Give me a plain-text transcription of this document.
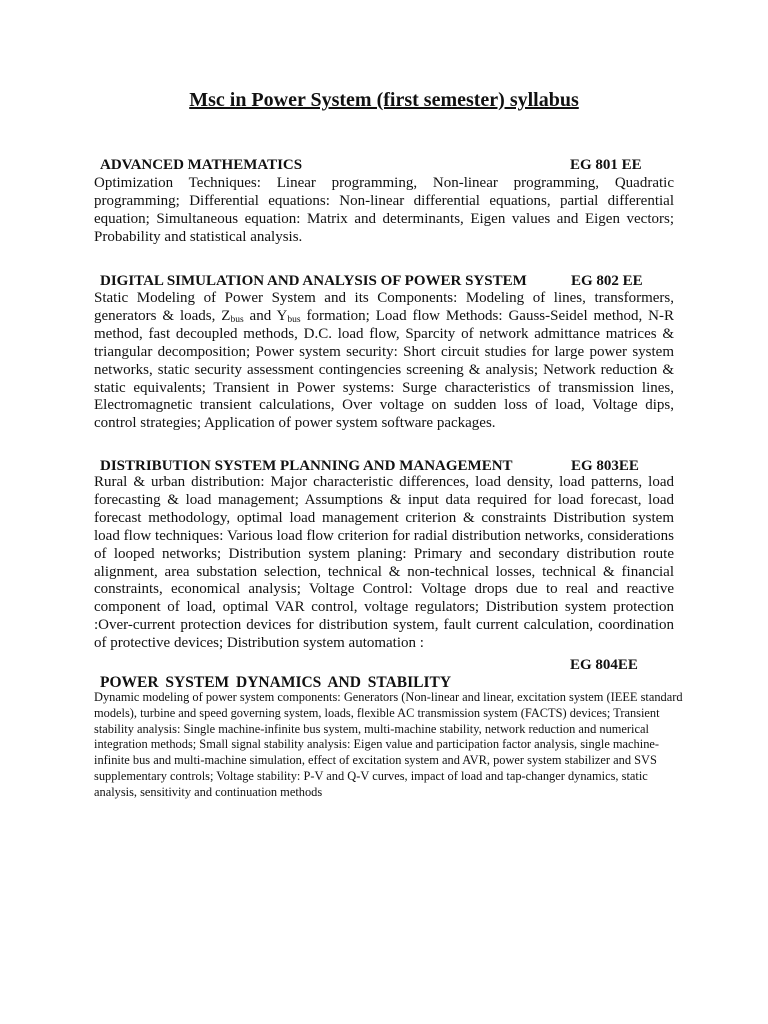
Msc in Power System (first semester) syllabus
ADVANCED MATHEMATICS	EG 801 EE

Optimization Techniques: Linear programming, Non-linear programming, Quadratic programming; Differential equations: Non-linear differential equations, partial differential equation; Simultaneous equation: Matrix and determinants, Eigen values and Eigen vectors; Probability and statistical analysis.

DIGITAL SIMULATION AND ANALYSIS OF POWER SYSTEM	EG 802 EE

Static Modeling of Power System and its Components: Modeling of lines, transformers, generators & loads, $Z_{bus}$ and $Y_{bus}$ formation; Load flow Methods: Gauss-Seidel method, N-R method, fast decoupled methods, D.C. load flow, Sparcity of network admittance matrices & triangular decomposition; Power system security: Short circuit studies for large power system networks, static security assessment contingencies screening & analysis; Network reduction & static equivalents; Transient in Power systems: Surge characteristics of transmission lines, Electromagnetic transient calculations, Over voltage on sudden loss of load, Voltage dips, control strategies; Application of power system software packages.

DISTRIBUTION SYSTEM PLANNING AND MANAGEMENT	EG 803EE

Rural & urban distribution: Major characteristic differences, load density, load patterns, load forecasting & load management; Assumptions & input data required for load forecast, load forecast methodology, optimal load management criterion & constraints Distribution system load flow techniques: Various load flow criterion for radial distribution networks, considerations of looped networks; Distribution system planing: Primary and secondary distribution route alignment, area substation selection, technical & non-technical losses, technical & financial constraints, economical analysis; Voltage Control: Voltage drops due to real and reactive component of load, optimal VAR control, voltage regulators; Distribution system protection :Over-current protection devices for distribution system, fault current calculation, coordination of protective devices; Distribution system automation :

EG 804EE
POWER SYSTEM DYNAMICS AND STABILITY

Dynamic modeling of power system components: Generators (Non-linear and linear, excitation system (IEEE standard models), turbine and speed governing system, loads, flexible AC transmission system (FACTS) devices; Transient stability analysis: Single machine-infinite bus system, multi-machine stability, network reduction and numerical integration methods; Small signal stability analysis: Eigen value and participation factor analysis, single machine-infinite bus and multi-machine simulation, effect of excitation system and AVR, power system stabilizer and SVS supplementary controls; Voltage stability: P-V and Q-V curves, impact of load and tap-changer dynamics, static analysis, sensitivity and continuation methods
